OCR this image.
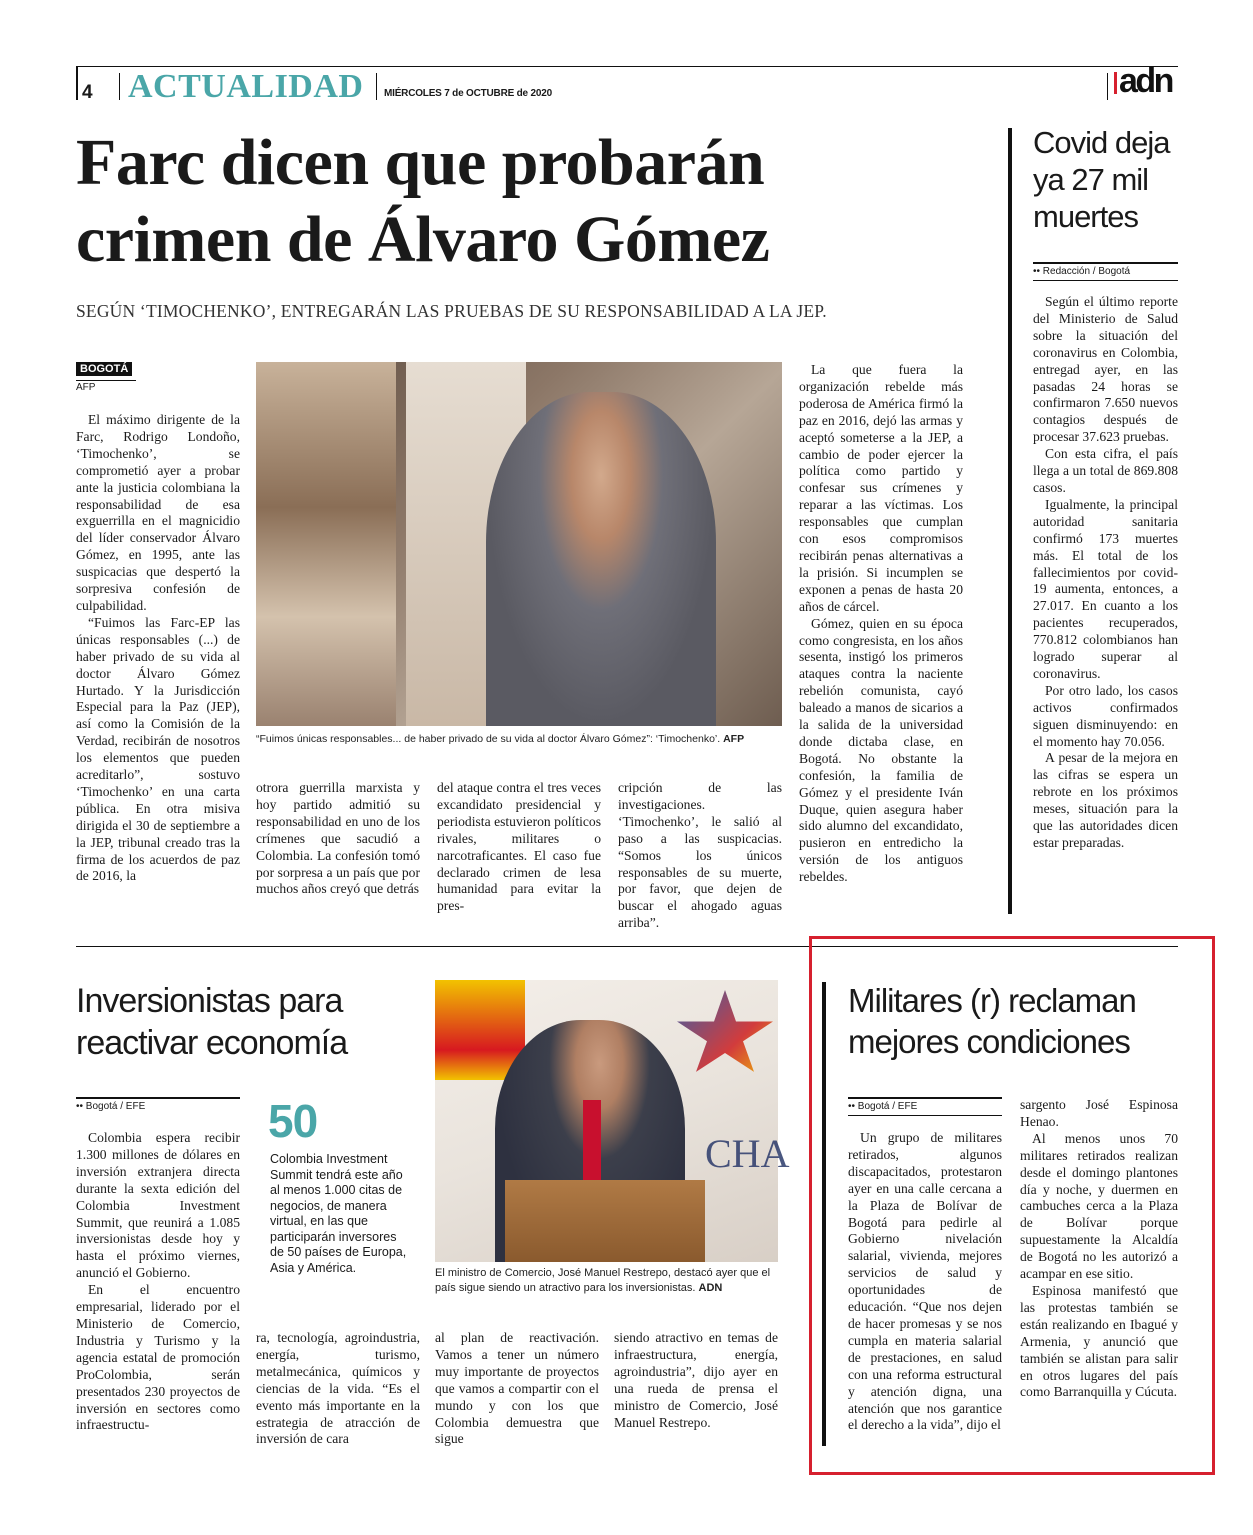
4 ACTUALIDAD MIÉRCOLES 7 de OCTUBRE de 2020	adn
Farc dicen que probarán
crimen de Álvaro Gómez
SEGÚN ‘TIMOCHENKO’, ENTREGARÁN LAS PRUEBAS DE SU RESPONSABILIDAD A LA JEP.
BOGOTÁ
AFP

El máximo dirigente de la Farc, Rodrigo Londoño, ‘Timochenko’, se comprometió ayer a probar ante la justicia colombiana la responsabilidad de esa exguerrilla en el magnicidio del líder conservador Álvaro Gómez, en 1995, ante las suspicacias que despertó la sorpresiva confesión de culpabilidad.

“Fuimos las Farc-EP las únicas responsables (...) de haber privado de su vida al doctor Álvaro Gómez Hurtado. Y la Jurisdicción Especial para la Paz (JEP), así como la Comisión de la Verdad, recibirán de nosotros los elementos que pueden acreditarlo”, sostuvo ‘Timochenko’ en una carta pública. En otra misiva dirigida el 30 de septiembre a la JEP, tribunal creado tras la firma de los acuerdos de paz de 2016, la

“Fuimos únicas responsables... de haber privado de su vida al doctor Álvaro Gómez”: ‘Timochenko’. AFP

otrora guerrilla marxista y hoy partido admitió su responsabilidad en uno de los crímenes que sacudió a Colombia. La confesión tomó por sorpresa a un país que por muchos años creyó que detrás

del ataque contra el tres veces excandidato presidencial y periodista estuvieron políticos rivales, militares o narcotraficantes. El caso fue declarado crimen de lesa humanidad para evitar la pres-

cripción de las investigaciones. ‘Timochenko’, le salió al paso a las suspicacias. “Somos los únicos responsables de su muerte, por favor, que dejen de buscar el ahogado aguas arriba”.

La que fuera la organización rebelde más poderosa de América firmó la paz en 2016, dejó las armas y aceptó someterse a la JEP, a cambio de poder ejercer la política como partido y confesar sus crímenes y reparar a las víctimas. Los responsables que cumplan con esos compromisos recibirán penas alternativas a la prisión. Si incumplen se exponen a penas de hasta 20 años de cárcel.

Gómez, quien en su época como congresista, en los años sesenta, instigó los primeros ataques contra la naciente rebelión comunista, cayó baleado a manos de sicarios a la salida de la universidad donde dictaba clase, en Bogotá. No obstante la confesión, la familia de Gómez y el presidente Iván Duque, quien asegura haber sido alumno del excandidato, pusieron en entredicho la versión de los antiguos rebeldes.

Covid deja ya 27 mil muertes
•• Redacción / Bogotá

Según el último reporte del Ministerio de Salud sobre la situación del coronavirus en Colombia, entregad ayer, en las pasadas 24 horas se confirmaron 7.650 nuevos contagios después de procesar 37.623 pruebas.

Con esta cifra, el país llega a un total de 869.808 casos.

Igualmente, la principal autoridad sanitaria confirmó 173 muertes más. El total de los fallecimientos por covid-19 aumenta, entonces, a 27.017. En cuanto a los pacientes recuperados, 770.812 colombianos han logrado superar al coronavirus.

Por otro lado, los casos activos confirmados siguen disminuyendo: en el momento hay 70.056.

A pesar de la mejora en las cifras se espera un rebrote en los próximos meses, situación para la que las autoridades dicen estar preparadas.

Inversionistas para
reactivar economía
•• Bogotá / EFE

Colombia espera recibir 1.300 millones de dólares en inversión extranjera directa durante la sexta edición del Colombia Investment Summit, que reunirá a 1.085 inversionistas desde hoy y hasta el próximo viernes, anunció el Gobierno.

En el encuentro empresarial, liderado por el Ministerio de Comercio, Industria y Turismo y la agencia estatal de promoción ProColombia, serán presentados 230 proyectos de inversión en sectores como infraestructu-

50
Colombia Investment Summit tendrá este año al menos 1.000 citas de negocios, de manera virtual, en las que participarán inversores de 50 países de Europa, Asia y América.
CHA
El ministro de Comercio, José Manuel Restrepo, destacó ayer que el país sigue siendo un atractivo para los inversionistas. ADN

ra, tecnología, agroindustria, energía, turismo, metalmecánica, químicos y ciencias de la vida. “Es el evento más importante en la estrategia de atracción de inversión de cara

al plan de reactivación. Vamos a tener un número muy importante de proyectos que vamos a compartir con el mundo y con los que Colombia demuestra que sigue

siendo atractivo en temas de infraestructura, energía, agroindustria”, dijo ayer en una rueda de prensa el ministro de Comercio, José Manuel Restrepo.

Militares (r) reclaman
mejores condiciones
•• Bogotá / EFE

Un grupo de militares retirados, algunos discapacitados, protestaron ayer en una calle cercana a la Plaza de Bolívar de Bogotá para pedirle al Gobierno nivelación salarial, vivienda, mejores servicios de salud y oportunidades de educación. “Que nos dejen de hacer promesas y se nos cumpla en materia salarial de prestaciones, en salud con una reforma estructural y atención digna, una atención que nos garantice el derecho a la vida”, dijo el

sargento José Espinosa Henao.

Al menos unos 70 militares retirados realizan desde el domingo plantones día y noche, y duermen en cambuches cerca a la Plaza de Bolívar porque supuestamente la Alcaldía de Bogotá no les autorizó a acampar en ese sitio.

Espinosa manifestó que las protestas también se están realizando en Ibagué y Armenia, y anunció que también se alistan para salir en otros lugares del país como Barranquilla y Cúcuta.
